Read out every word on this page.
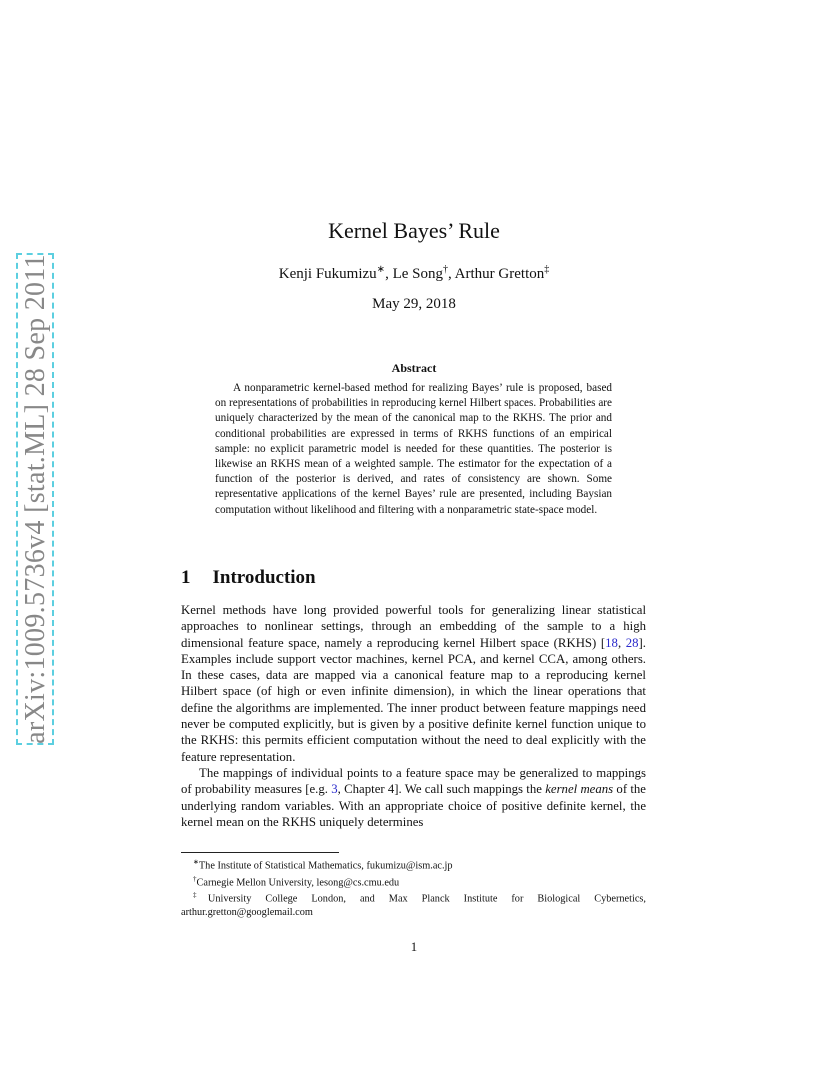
arXiv:1009.5736v4 [stat.ML] 28 Sep 2011
Kernel Bayes’ Rule
Kenji Fukumizu∗, Le Song†, Arthur Gretton‡
May 29, 2018
Abstract

A nonparametric kernel-based method for realizing Bayes’ rule is proposed, based on representations of probabilities in reproducing kernel Hilbert spaces. Probabilities are uniquely characterized by the mean of the canonical map to the RKHS. The prior and conditional probabilities are expressed in terms of RKHS functions of an empirical sample: no explicit parametric model is needed for these quantities. The posterior is likewise an RKHS mean of a weighted sample. The estimator for the expectation of a function of the posterior is derived, and rates of consistency are shown. Some representative applications of the kernel Bayes’ rule are presented, including Baysian computation without likelihood and filtering with a nonparametric state-space model.

1 Introduction

Kernel methods have long provided powerful tools for generalizing linear statistical approaches to nonlinear settings, through an embedding of the sample to a high dimensional feature space, namely a reproducing kernel Hilbert space (RKHS) [18, 28]. Examples include support vector machines, kernel PCA, and kernel CCA, among others. In these cases, data are mapped via a canonical feature map to a reproducing kernel Hilbert space (of high or even infinite dimension), in which the linear operations that define the algorithms are implemented. The inner product between feature mappings need never be computed explicitly, but is given by a positive definite kernel function unique to the RKHS: this permits efficient computation without the need to deal explicitly with the feature representation.

The mappings of individual points to a feature space may be generalized to mappings of probability measures [e.g. 3, Chapter 4]. We call such mappings the kernel means of the underlying random variables. With an appropriate choice of positive definite kernel, the kernel mean on the RKHS uniquely determines

∗The Institute of Statistical Mathematics, fukumizu@ism.ac.jp
†Carnegie Mellon University, lesong@cs.cmu.edu
‡University College London, and Max Planck Institute for Biological Cybernetics, arthur.gretton@googlemail.com
1
